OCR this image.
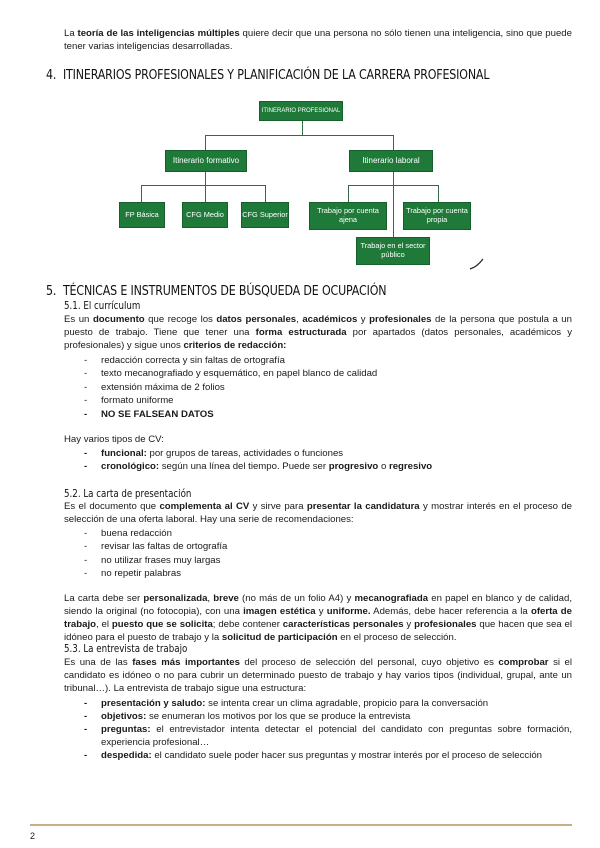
La teoría de las inteligencias múltiples quiere decir que una persona no sólo tienen una inteligencia, sino que puede tener varias inteligencias desarrolladas.

4. ITINERARIOS PROFESIONALES Y PLANIFICACIÓN DE LA CARRERA PROFESIONAL
ITINERARIO PROFESIONAL
Itinerario formativo	Itinerario laboral
FP Básica	CFG Medio	CFG Superior	Trabajo por cuenta ajena
Trabajo por cuenta propia
Trabajo en el sector público
5. TÉCNICAS E INSTRUMENTOS DE BÚSQUEDA DE OCUPACIÓN
5.1. El currículum

Es un documento que recoge los datos personales, académicos y profesionales de la persona que postula a un puesto de trabajo. Tiene que tener una forma estructurada por apartados (datos personales, académicos y profesionales) y sigue unos criterios de redacción:

- redacción correcta y sin faltas de ortografía
- texto mecanografiado y esquemático, en papel blanco de calidad
- extensión máxima de 2 folios
- formato uniforme
- NO SE FALSEAN DATOS

Hay varios tipos de CV:

- funcional: por grupos de tareas, actividades o funciones
- cronológico: según una línea del tiempo. Puede ser progresivo o regresivo
5.2. La carta de presentación

Es el documento que complementa al CV y sirve para presentar la candidatura y mostrar interés en el proceso de selección de una oferta laboral. Hay una serie de recomendaciones:

- buena redacción
- revisar las faltas de ortografía
- no utilizar frases muy largas
- no repetir palabras

La carta debe ser personalizada, breve (no más de un folio A4) y mecanografiada en papel en blanco y de calidad, siendo la original (no fotocopia), con una imagen estética y uniforme. Además, debe hacer referencia a la oferta de trabajo, el puesto que se solicita; debe contener características personales y profesionales que hacen que sea el idóneo para el puesto de trabajo y la solicitud de participación en el proceso de selección.

5.3. La entrevista de trabajo

Es una de las fases más importantes del proceso de selección del personal, cuyo objetivo es comprobar si el candidato es idóneo o no para cubrir un determinado puesto de trabajo y hay varios tipos (individual, grupal, ante un tribunal…). La entrevista de trabajo sigue una estructura:

- presentación y saludo: se intenta crear un clima agradable, propicio para la conversación
- objetivos: se enumeran los motivos por los que se produce la entrevista
- preguntas: el entrevistador intenta detectar el potencial del candidato con preguntas sobre formación, experiencia profesional…
- despedida: el candidato suele poder hacer sus preguntas y mostrar interés por el proceso de selección
2
